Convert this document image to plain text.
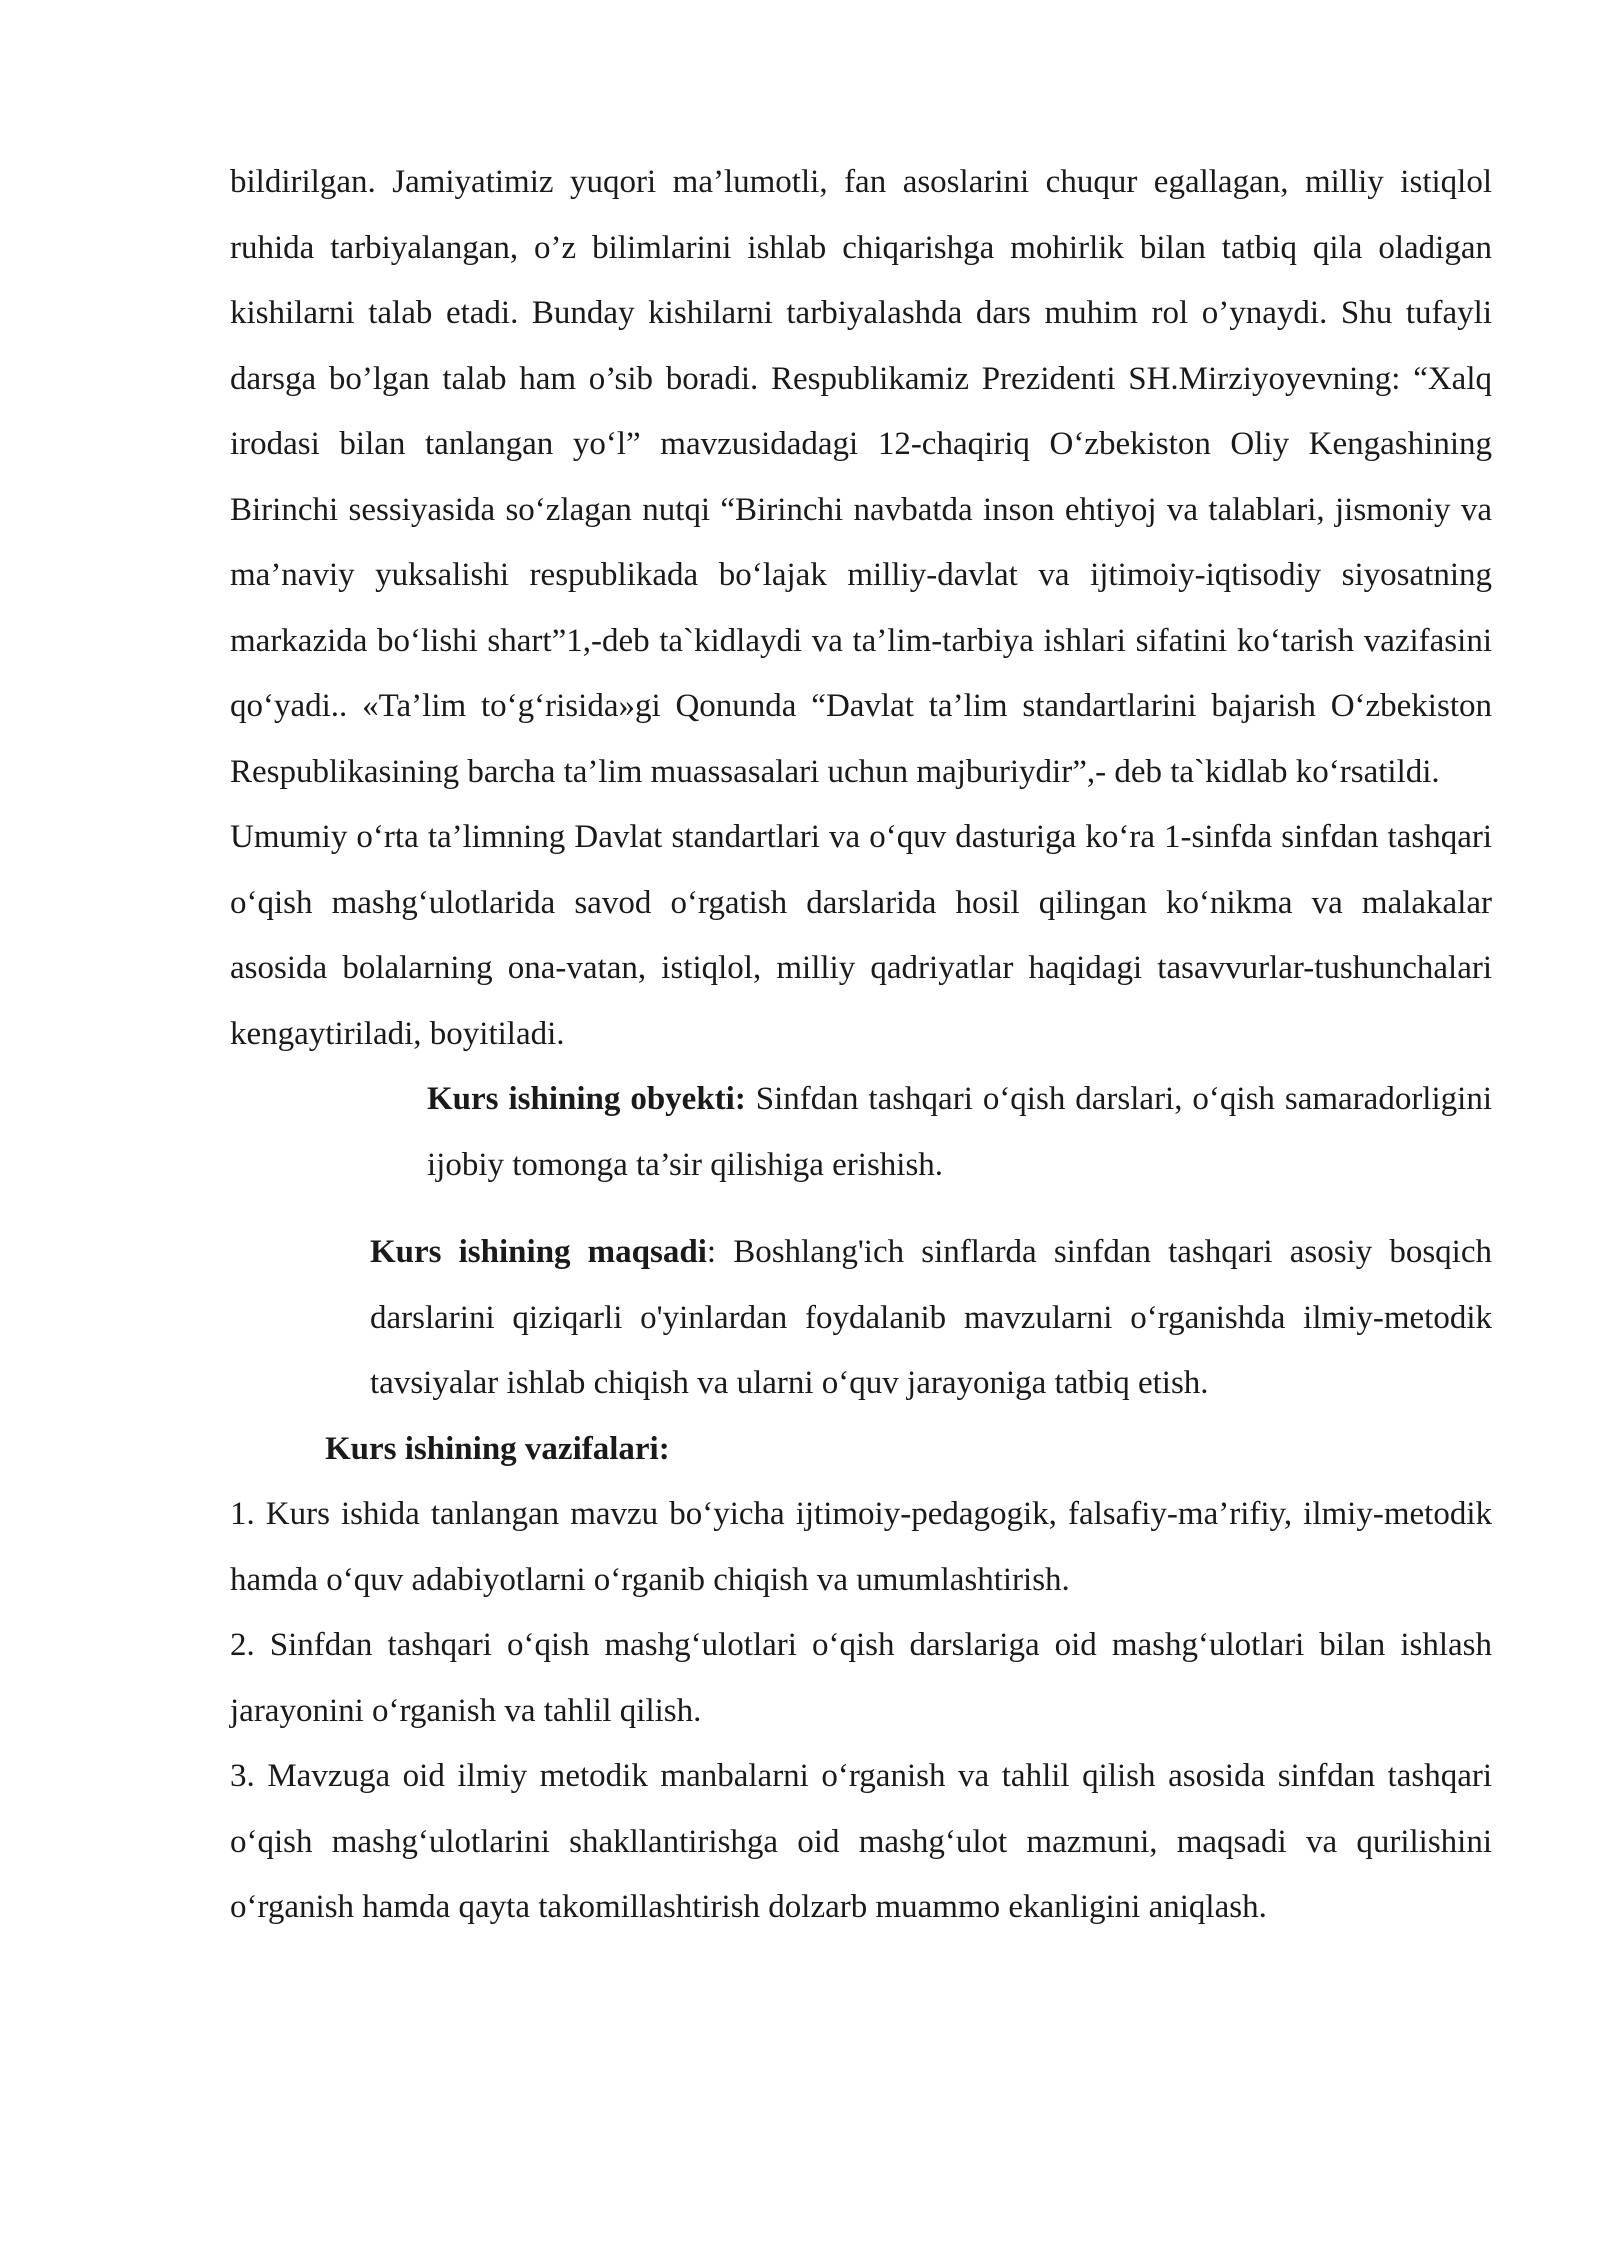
bildirilgan. Jamiyatimiz yuqori ma’lumotli, fan asoslarini chuqur egallagan, milliy istiqlol ruhida tarbiyalangan, o’z bilimlarini ishlab chiqarishga mohirlik bilan tatbiq qila oladigan kishilarni talab etadi. Bunday kishilarni tarbiyalashda dars muhim rol o’ynaydi. Shu tufayli darsga bo’lgan talab ham o’sib boradi. Respublikamiz Prezidenti SH.Mirziyoyevning: “Xalq irodasi bilan tanlangan yoʻl” mavzusidadagi 12-chaqiriq Oʻzbekiston Oliy Kengashining Birinchi sessiyasida soʻzlagan nutqi “Birinchi navbatda inson ehtiyoj va talablari, jismoniy va ma’naviy yuksalishi respublikada boʻlajak milliy-davlat va ijtimoiy-iqtisodiy siyosatning markazida boʻlishi shart”1,-deb ta`kidlaydi va ta’lim-tarbiya ishlari sifatini koʻtarish vazifasini qoʻyadi.. «Ta’lim toʻgʻrisida»gi Qonunda “Davlat ta’lim standartlarini bajarish Oʻzbekiston Respublikasining barcha ta’lim muassasalari uchun majburiydir”,- deb ta`kidlab koʻrsatildi.

Umumiy oʻrta ta’limning Davlat standartlari va oʻquv dasturiga koʻra 1-sinfda sinfdan tashqari oʻqish mashgʻulotlarida savod oʻrgatish darslarida hosil qilingan koʻnikma va malakalar asosida bolalarning ona-vatan, istiqlol, milliy qadriyatlar haqidagi tasavvurlar-tushunchalari kengaytiriladi, boyitiladi.

Kurs ishining obyekti: Sinfdan tashqari oʻqish darslari, oʻqish samaradorligini ijobiy tomonga ta’sir qilishiga erishish.

Kurs ishining maqsadi: Boshlang'ich sinflarda sinfdan tashqari asosiy bosqich darslarini qiziqarli o'yinlardan foydalanib mavzularni oʻrganishda ilmiy-metodik tavsiyalar ishlab chiqish va ularni oʻquv jarayoniga tatbiq etish.

Kurs ishining vazifalari:

1. Kurs ishida tanlangan mavzu boʻyicha ijtimoiy-pedagogik, falsafiy-ma’rifiy, ilmiy-metodik hamda oʻquv adabiyotlarni oʻrganib chiqish va umumlashtirish.

2. Sinfdan tashqari oʻqish mashgʻulotlari oʻqish darslariga oid mashgʻulotlari bilan ishlash jarayonini oʻrganish va tahlil qilish.

3. Mavzuga oid ilmiy metodik manbalarni oʻrganish va tahlil qilish asosida sinfdan tashqari oʻqish mashgʻulotlarini shakllantirishga oid mashgʻulot mazmuni, maqsadi va qurilishini oʻrganish hamda qayta takomillashtirish dolzarb muammo ekanligini aniqlash.
